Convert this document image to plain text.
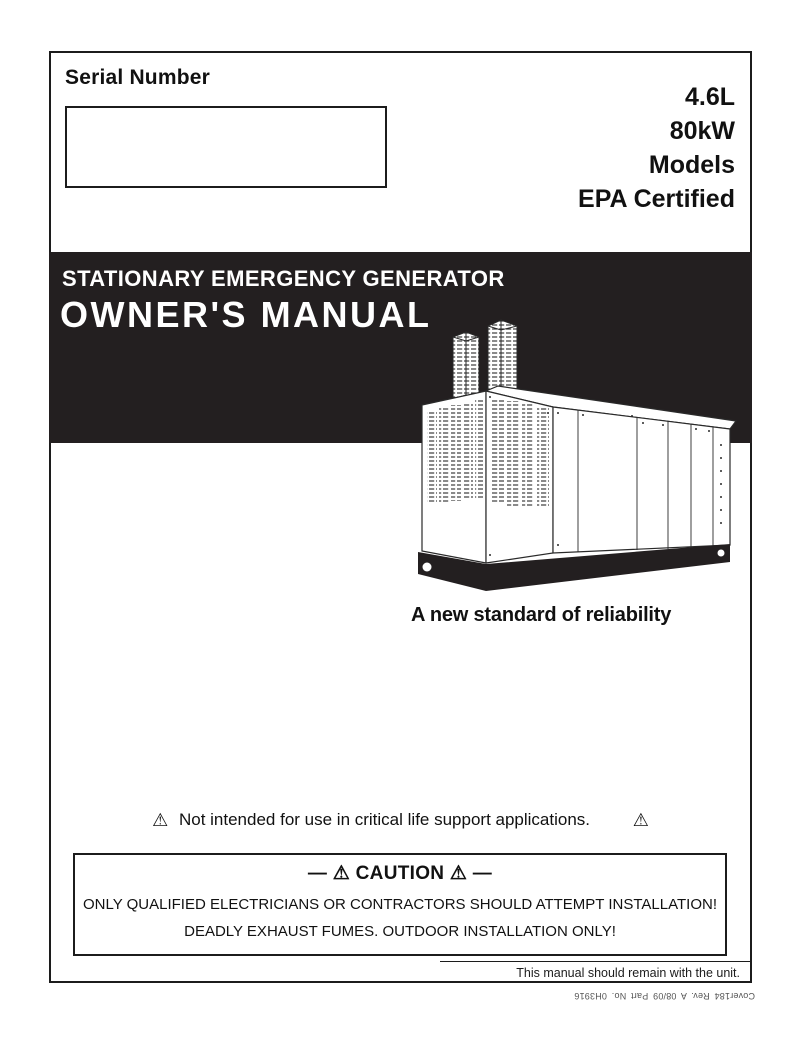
Serial Number
4.6L
80kW
Models
EPA Certified
STATIONARY EMERGENCY GENERATOR
OWNER'S MANUAL
A new standard of reliability
⚠ Not intended for use in critical life support applications. ⚠
— ⚠ CAUTION ⚠ —
ONLY QUALIFIED ELECTRICIANS OR CONTRACTORS SHOULD ATTEMPT INSTALLATION!
DEADLY EXHAUST FUMES. OUTDOOR INSTALLATION ONLY!
This manual should remain with the unit.
Cover184 Rev. A 08/09 Part No. 0H3916
